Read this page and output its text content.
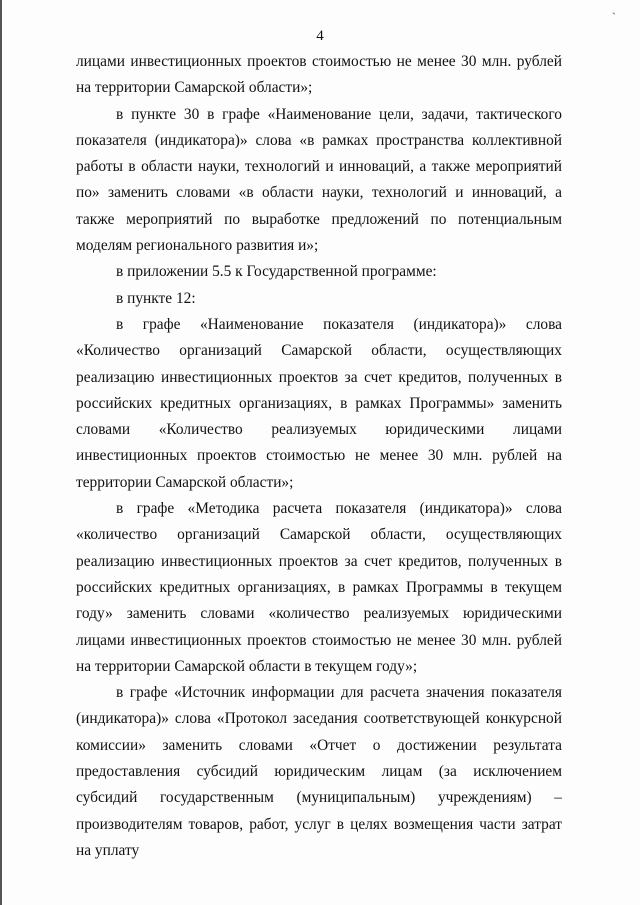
`
4

лицами инвестиционных проектов стоимостью не менее 30 млн. рублей на территории Самарской области»;

в пункте 30 в графе «Наименование цели, задачи, тактического показателя (индикатора)» слова «в рамках пространства коллективной работы в области науки, технологий и инноваций, а также мероприятий по» заменить словами «в области науки, технологий и инноваций, а также мероприятий по выработке предложений по потенциальным моделям регионального развития и»;

в приложении 5.5 к Государственной программе:

в пункте 12:

в графе «Наименование показателя (индикатора)» слова «Количество организаций Самарской области, осуществляющих реализацию инвестиционных проектов за счет кредитов, полученных в российских кредитных организациях, в рамках Программы» заменить словами «Количество реализуемых юридическими лицами инвестиционных проектов стоимостью не менее 30 млн. рублей на территории Самарской области»;

в графе «Методика расчета показателя (индикатора)» слова «количество организаций Самарской области, осуществляющих реализацию инвестиционных проектов за счет кредитов, полученных в российских кредитных организациях, в рамках Программы в текущем году» заменить словами «количество реализуемых юридическими лицами инвестиционных проектов стоимостью не менее 30 млн. рублей на территории Самарской области в текущем году»;

в графе «Источник информации для расчета значения показателя (индикатора)» слова «Протокол заседания соответствующей конкурсной комиссии» заменить словами «Отчет о достижении результата предоставления субсидий юридическим лицам (за исключением субсидий государственным (муниципальным) учреждениям) – производителям товаров, работ, услуг в целях возмещения части затрат на уплату
